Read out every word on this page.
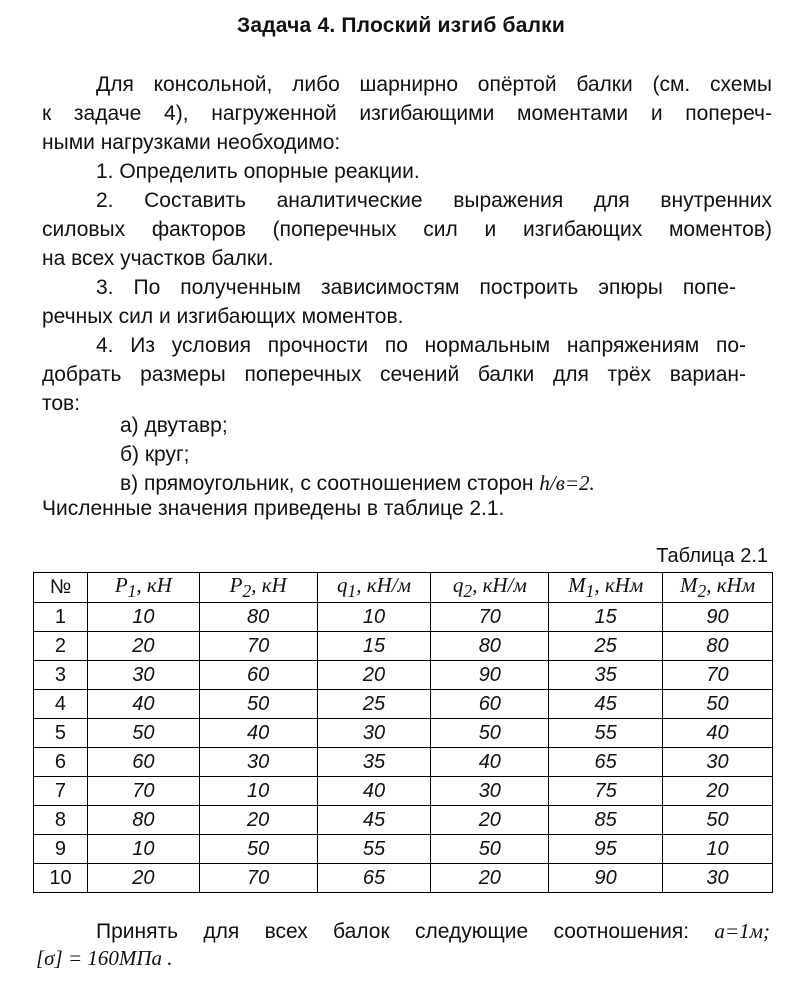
Задача 4. Плоский изгиб балки
Для консольной, либо шарнирно опёртой балки (см. схемы
к задаче 4), нагруженной изгибающими моментами и попереч-
ными нагрузками необходимо:
1. Определить опорные реакции.
2. Составить аналитические выражения для внутренних
силовых факторов (поперечных сил и изгибающих моментов)
на всех участков балки.
3. По полученным зависимостям построить эпюры попе-
речных сил и изгибающих моментов.
4. Из условия прочности по нормальным напряжениям по-
добрать размеры поперечных сечений балки для трёх вариан-
тов:
а) двутавр;
б) круг;
в) прямоугольник, с соотношением сторон h/в=2.
Численные значения приведены в таблице 2.1.
Таблица 2.1
№	$P_1$, кН	$P_2$, кН	$q_1$, кН/м	$q_2$, кН/м	$M_1$, кНм	$M_2$, кНм
1	10	80	10	70	15	90
2	20	70	15	80	25	80
3	30	60	20	90	35	70
4	40	50	25	60	45	50
5	50	40	30	50	55	40
6	60	30	35	40	65	30
7	70	10	40	30	75	20
8	80	20	45	20	85	50
9	10	50	55	50	95	10
10	20	70	65	20	90	30
Принять для всех балок следующие соотношения: a=1м;
[σ] = 160МПа .
